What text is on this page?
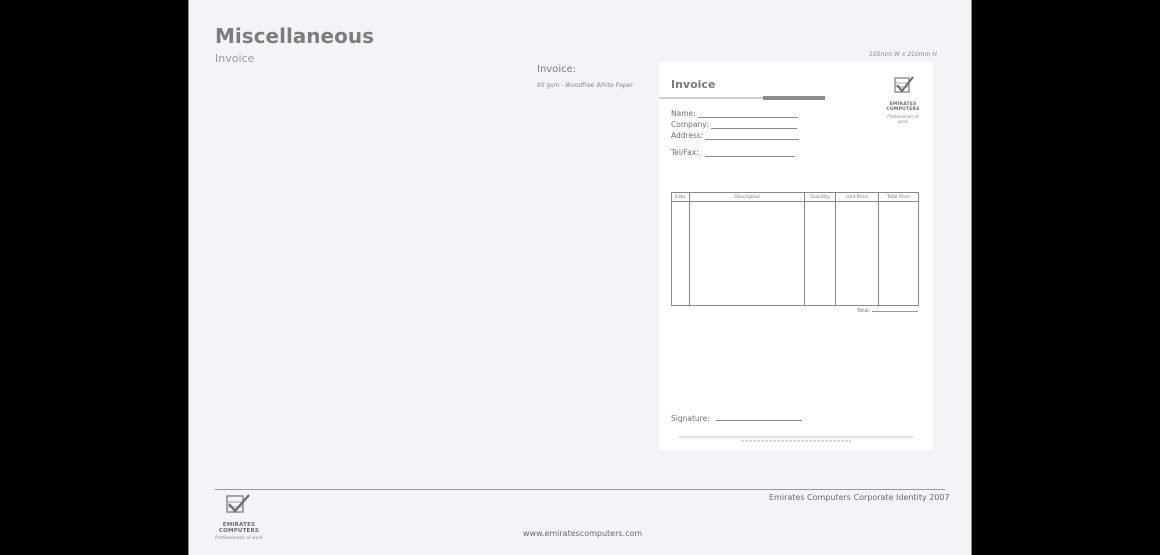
Miscellaneous
Invoice
Invoice:
85 gsm - Woodfree White Paper
105mm W x 210mm H
Invoice
EMIRATES
COMPUTERS
Professionals at work
Name:
Company:
Address:
Tel/Fax:
S.No.	Description	Quantity	Unit Price	Total Price

Total:
Signature:
Emirates Computers Corporate Identity 2007
EMIRATES
COMPUTERS
Professionals at work
www.emiratescomputers.com
